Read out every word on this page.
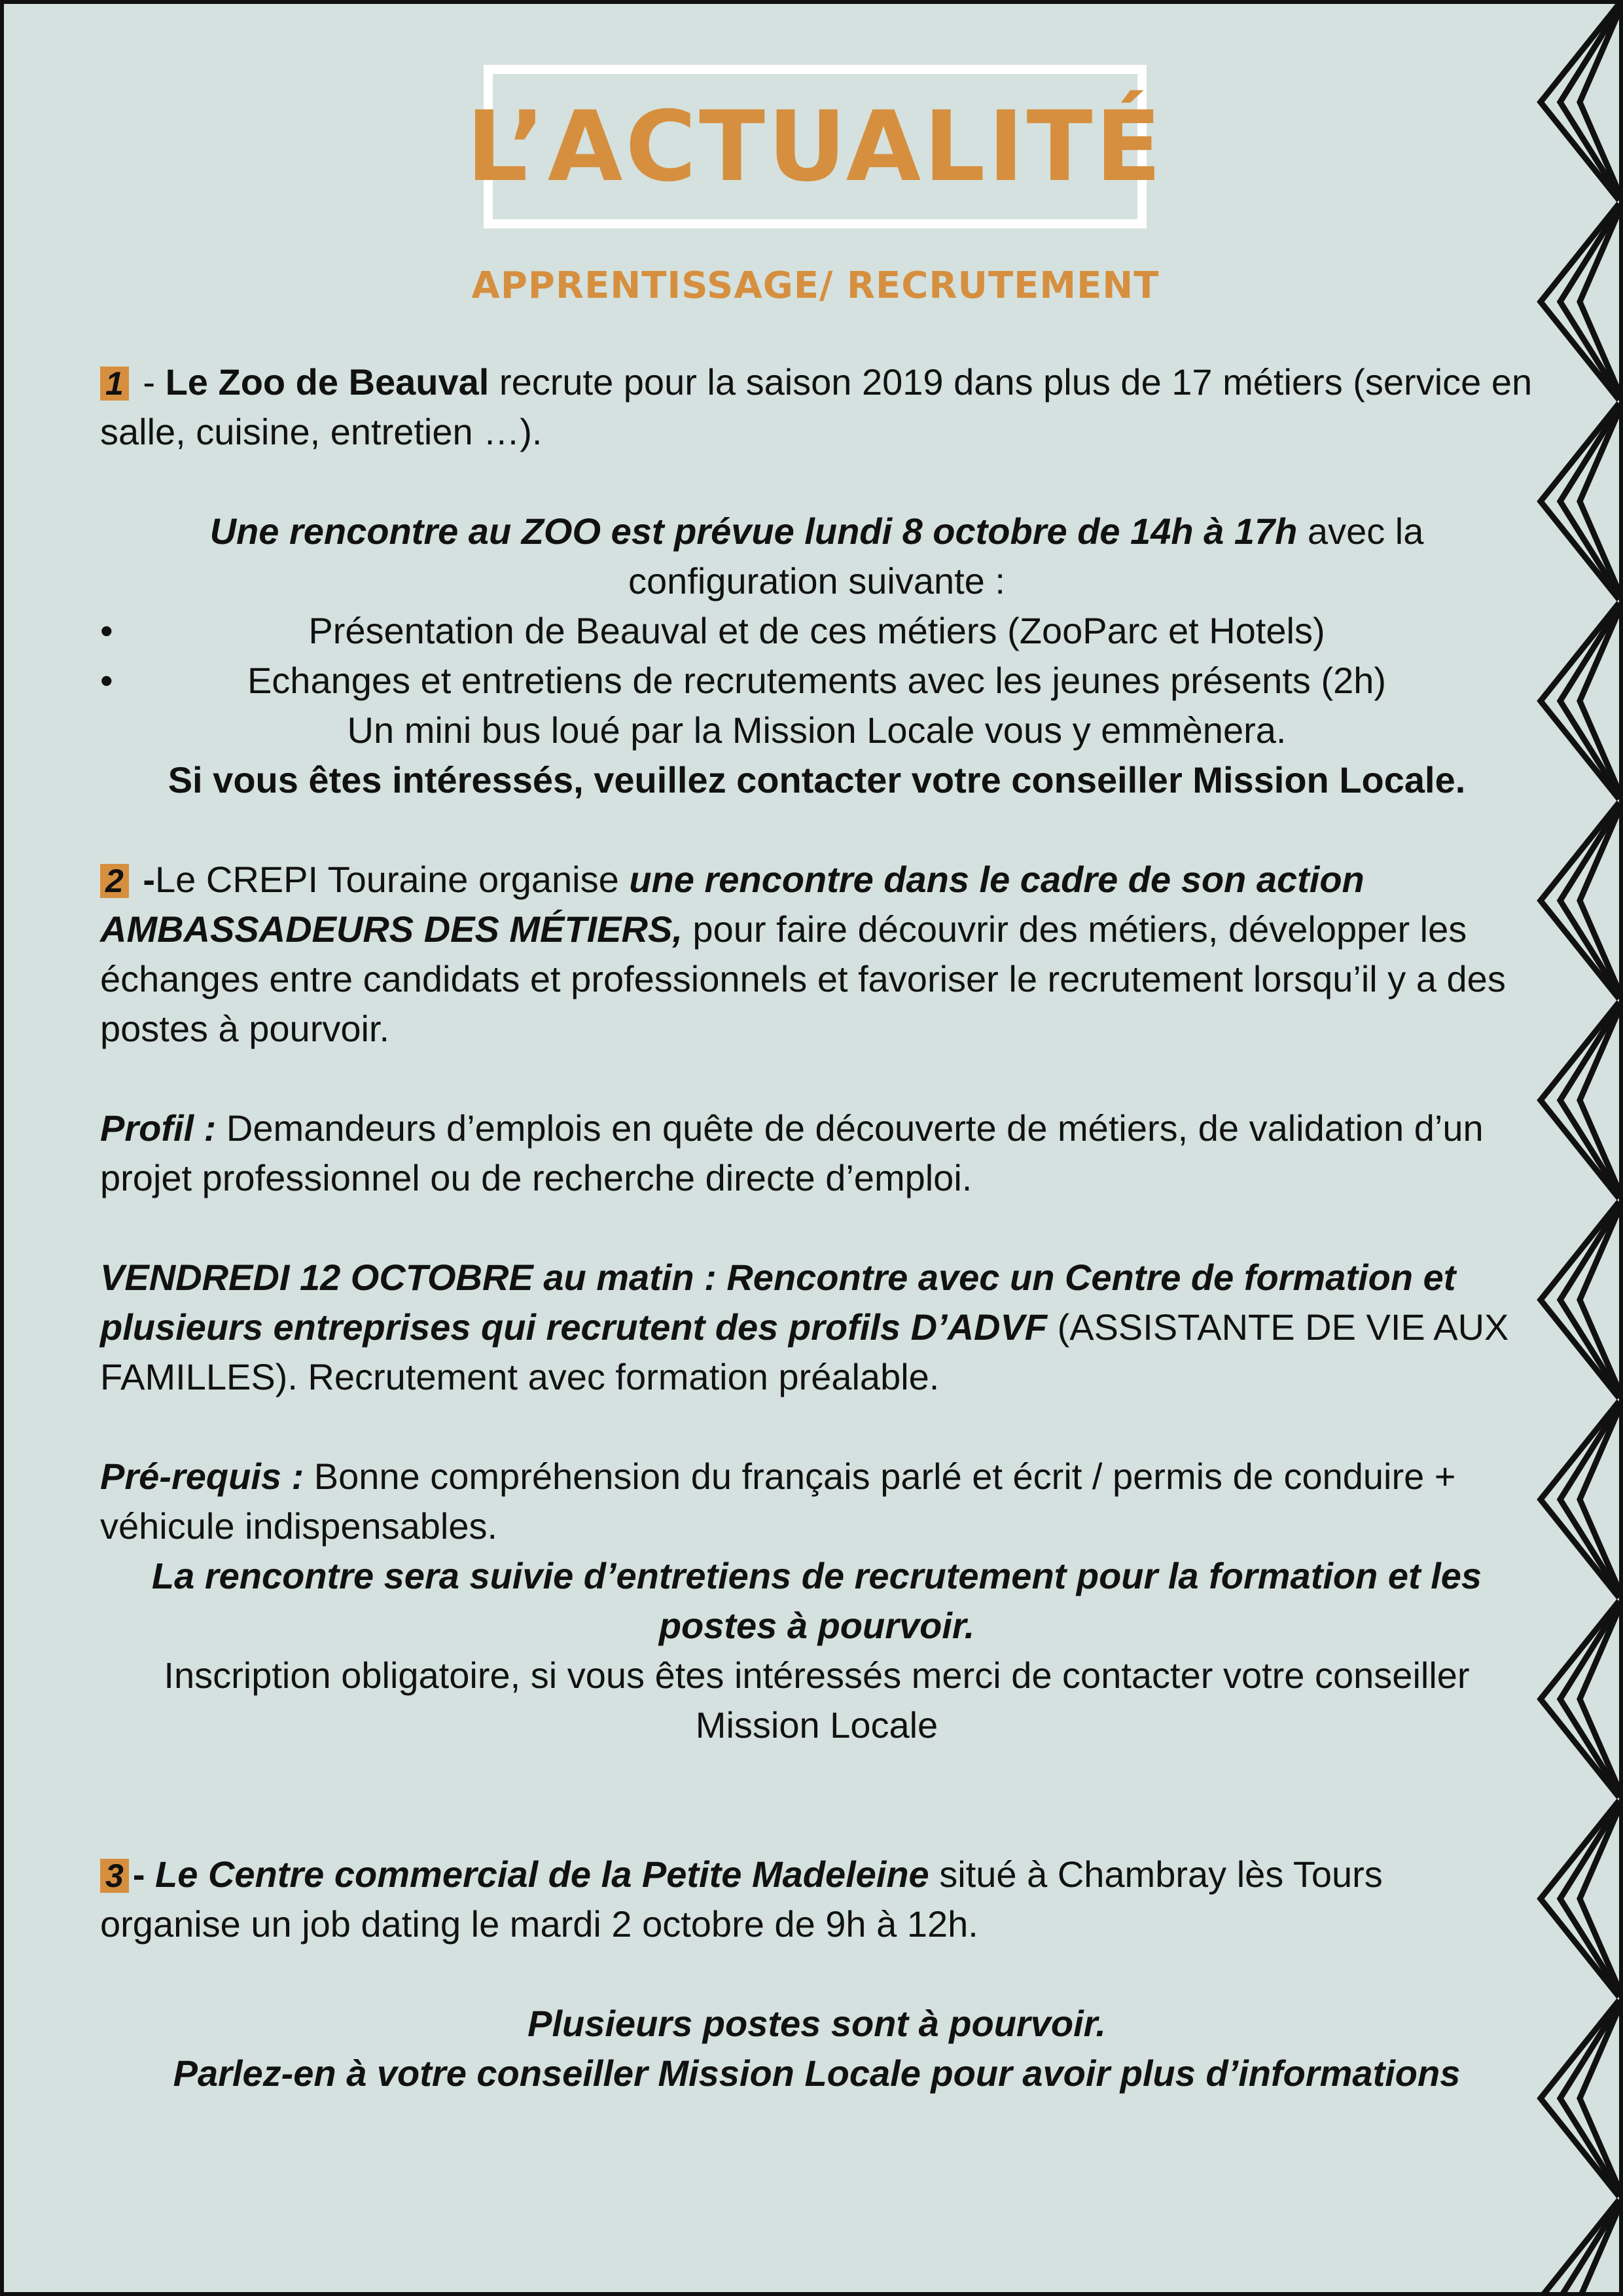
L’ACTUALITÉ
APPRENTISSAGE/ RECRUTEMENT
1 - Le Zoo de Beauval recrute pour la saison 2019 dans plus de 17 métiers (service en salle, cuisine, entretien …).
Une rencontre au ZOO est prévue lundi 8 octobre de 14h à 17h avec la configuration suivante :
•	Présentation de Beauval et de ces métiers (ZooParc et Hotels)
•	Echanges et entretiens de recrutements avec les jeunes présents (2h)
Un mini bus loué par la Mission Locale vous y emmènera.
Si vous êtes intéressés, veuillez contacter votre conseiller Mission Locale.
2 -Le CREPI Touraine organise une rencontre dans le cadre de son action AMBASSADEURS DES MÉTIERS, pour faire découvrir des métiers, développer les échanges entre candidats et professionnels et favoriser le recrutement lorsqu’il y a des postes à pourvoir.
Profil : Demandeurs d’emplois en quête de découverte de métiers, de validation d’un projet professionnel ou de recherche directe d’emploi.
VENDREDI 12 OCTOBRE au matin : Rencontre avec un Centre de formation et plusieurs entreprises qui recrutent des profils D’ADVF (ASSISTANTE DE VIE AUX FAMILLES). Recrutement avec formation préalable.
Pré-requis : Bonne compréhension du français parlé et écrit / permis de conduire + véhicule indispensables.
La rencontre sera suivie d’entretiens de recrutement pour la formation et les postes à pourvoir.
Inscription obligatoire, si vous êtes intéressés merci de contacter votre conseiller Mission Locale
3 - Le Centre commercial de la Petite Madeleine situé à Chambray lès Tours organise un job dating le mardi 2 octobre de 9h à 12h.
Plusieurs postes sont à pourvoir.
Parlez-en à votre conseiller Mission Locale pour avoir plus d’informations
